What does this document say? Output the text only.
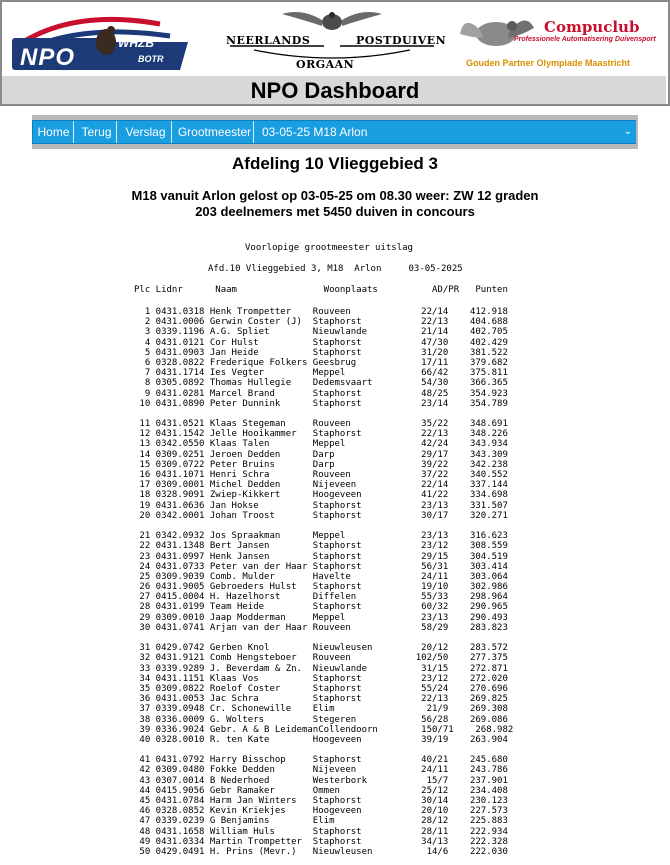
NPO
WHZB
BOTR
NEERLANDS	POSTDUIVEN
ORGAAN
Compuclub
Professionele Automatisering Duivensport
Gouden Partner Olympiade Maastricht
NPO Dashboard
Home Terug	Verslag	Grootmeester 03-05-25 M18 Arlon	⌄
Afdeling 10 Vlieggebied 3
M18 vanuit Arlon gelost op 03-05-25 om 08.30 weer: ZW 12 graden
203 deelnemers met 5450 duiven in concours
Voorlopige grootmeester uitslag
Afd.10 Vlieggebied 3, M18  Arlon     03-05-2025
Plc Lidnr      Naam                Woonplaats          AD/PR   Punten
1 0431.0318 Henk Trompetter    Rouveen             22/14    412.918
2 0431.0006 Gerwin Coster (J)  Staphorst           22/13    404.688
3 0339.1196 A.G. Spliet        Nieuwlande          21/14    402.705
4 0431.0121 Cor Hulst          Staphorst           47/30    402.429
5 0431.0903 Jan Heide          Staphorst           31/20    381.522
6 0328.0822 Frederique Folkers Geesbrug            17/11    379.682
7 0431.1714 Ies Vegter         Meppel              66/42    375.811
8 0305.0892 Thomas Hullegie    Dedemsvaart         54/30    366.365
9 0431.0281 Marcel Brand       Staphorst           48/25    354.923
10 0431.0890 Peter Dunnink      Staphorst           23/14    354.789
11 0431.0521 Klaas Stegeman     Rouveen             35/22    348.691
12 0431.1542 Jelle Hooikammer   Staphorst           22/13    348.226
13 0342.0550 Klaas Talen        Meppel              42/24    343.934
14 0309.0251 Jeroen Dedden      Darp                29/17    343.309
15 0309.0722 Peter Bruins       Darp                39/22    342.238
16 0431.1071 Henri Schra        Rouveen             37/22    340.552
17 0309.0001 Michel Dedden      Nijeveen            22/14    337.144
18 0328.9091 Zwiep-Kikkert      Hoogeveen           41/22    334.698
19 0431.0636 Jan Hokse          Staphorst           23/13    331.507
20 0342.0001 Johan Troost       Staphorst           30/17    320.271
21 0342.0932 Jos Spraakman      Meppel              23/13    316.623
22 0431.1348 Bert Jansen        Staphorst           23/12    308.559
23 0431.0997 Henk Jansen        Staphorst           29/15    304.519
24 0431.0733 Peter van der Haar Staphorst           56/31    303.414
25 0309.9039 Comb. Mulder       Havelte             24/11    303.064
26 0431.9005 Gebroeders Hulst   Staphorst           19/10    302.986
27 0415.0004 H. Hazelhorst      Diffelen            55/33    298.964
28 0431.0199 Team Heide         Staphorst           60/32    290.965
29 0309.0010 Jaap Modderman     Meppel              23/13    290.493
30 0431.0741 Arjan van der Haar Rouveen             58/29    283.823
31 0429.0742 Gerben Knol        Nieuwleusen         20/12    283.572
32 0431.9121 Comb Hengsteboer   Rouveen            102/50    277.375
33 0339.9289 J. Beverdam & Zn.  Nieuwlande          31/15    272.871
34 0431.1151 Klaas Vos          Staphorst           23/12    272.020
35 0309.0822 Roelof Coster      Staphorst           55/24    270.696
36 0431.0053 Jac Schra          Staphorst           22/13    269.825
37 0339.0948 Cr. Schonewille    Elim                 21/9    269.308
38 0336.0009 G. Wolters         Stegeren            56/28    269.086
39 0336.9024 Gebr. A & B LeidemanCollendoorn        150/71    268.982
40 0328.0010 R. ten Kate        Hoogeveen           39/19    263.904
41 0431.0792 Harry Bisschop     Staphorst           40/21    245.680
42 0309.0480 Fokke Dedden       Nijeveen            24/11    243.786
43 0307.0014 B Nederhoed        Westerbork           15/7    237.901
44 0415.9056 Gebr Ramaker       Ommen               25/12    234.408
45 0431.0784 Harm Jan Winters   Staphorst           30/14    230.123
46 0328.0852 Kevin Kriekjes     Hoogeveen           20/10    227.573
47 0339.0239 G Benjamins        Elim                28/12    225.883
48 0431.1658 William Huls       Staphorst           28/11    222.934
49 0431.0334 Martin Trompetter  Staphorst           34/13    222.328
50 0429.0491 H. Prins (Mevr.)   Nieuwleusen          14/6    222.030
